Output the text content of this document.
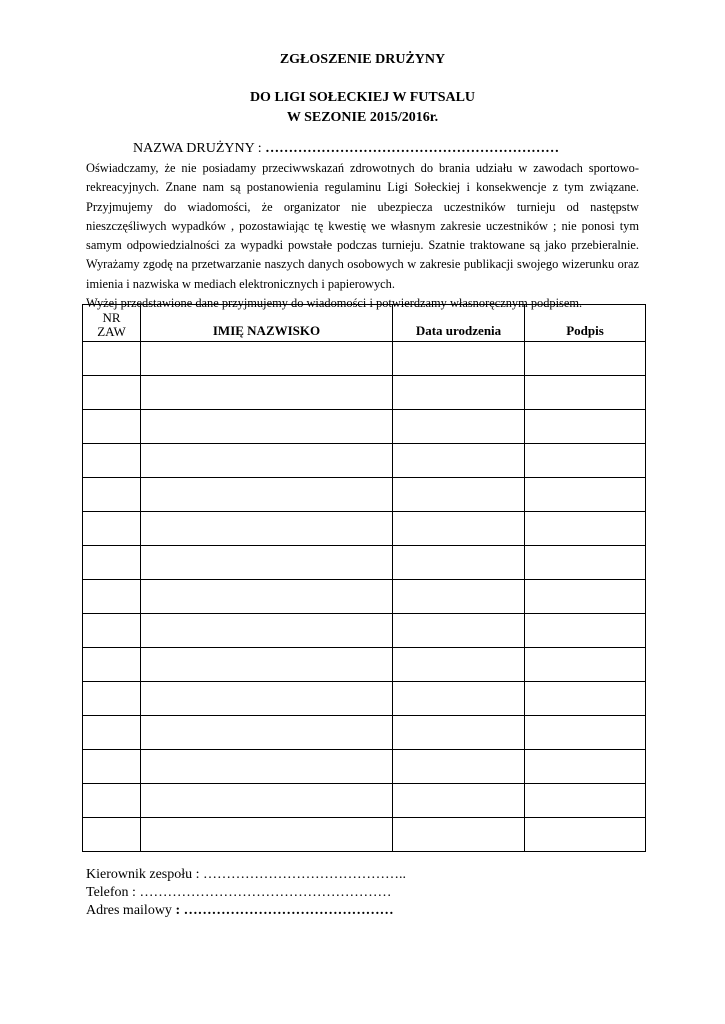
ZGŁOSZENIE DRUŻYNY
DO LIGI SOŁECKIEJ W FUTSALU
W SEZONIE 2015/2016r.
NAZWA DRUŻYNY : ………………………………………………………

Oświadczamy, że nie posiadamy przeciwwskazań zdrowotnych do brania udziału w zawodach sportowo-rekreacyjnych. Znane nam są postanowienia regulaminu Ligi Sołeckiej i konsekwencje z tym związane. Przyjmujemy do wiadomości, że organizator nie ubezpiecza uczestników turnieju od następstw nieszczęśliwych wypadków , pozostawiając tę kwestię we własnym zakresie uczestników ; nie ponosi tym samym odpowiedzialności za wypadki powstałe podczas turnieju. Szatnie traktowane są jako przebieralnie. Wyrażamy zgodę na przetwarzanie naszych danych osobowych w zakresie publikacji swojego wizerunku oraz imienia i nazwiska w mediach elektronicznych i papierowych.

Wyżej przedstawione dane przyjmujemy do wiadomości i potwierdzamy własnoręcznym podpisem.

NR
ZAW	IMIĘ NAZWISKO	Data urodzenia	Podpis

Kierownik zespołu : ……………………………………..
Telefon : ………………………………………………
Adres mailowy : ………………………………………
